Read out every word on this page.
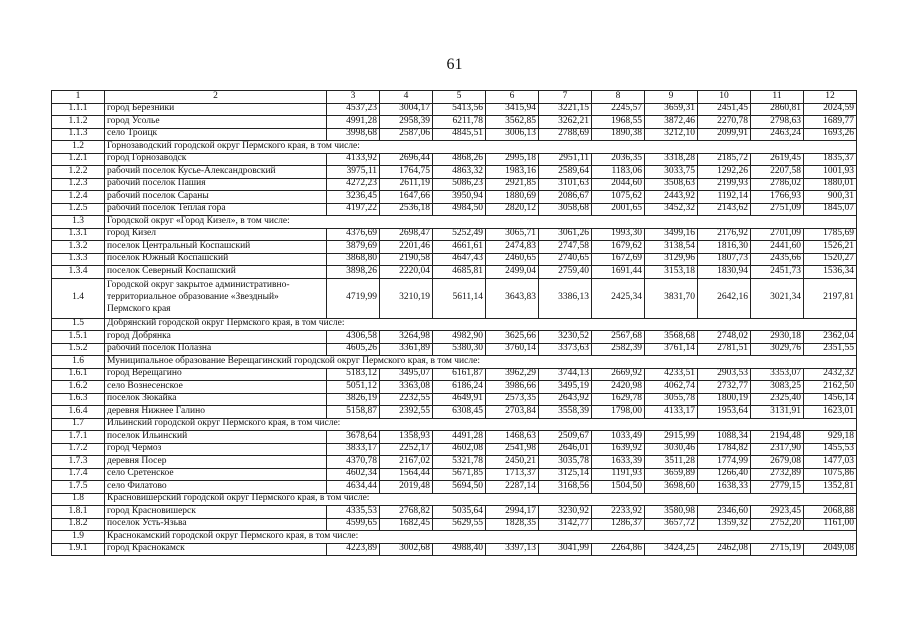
61
1	2	3	4	5	6	7	8	9	10	11	12
1.1.1	город Березники	4537,23	3004,17	5413,56	3415,94	3221,15	2245,57	3659,31	2451,45	2860,81	2024,59
1.1.2	город Усолье	4991,28	2958,39	6211,78	3562,85	3262,21	1968,55	3872,46	2270,78	2798,63	1689,77
1.1.3	село Троицк	3998,68	2587,06	4845,51	3006,13	2788,69	1890,38	3212,10	2099,91	2463,24	1693,26
1.2	Горнозаводский городской округ Пермского края, в том числе:										
1.2.1	город Горнозаводск	4133,92	2696,44	4868,26	2995,18	2951,11	2036,35	3318,28	2185,72	2619,45	1835,37
1.2.2	рабочий поселок Кусье-Александровский	3975,11	1764,75	4863,32	1983,16	2589,64	1183,06	3033,75	1292,26	2207,58	1001,93
1.2.3	рабочий поселок Пашия	4272,23	2611,19	5086,23	2921,85	3101,63	2044,60	3508,63	2199,93	2786,02	1880,01
1.2.4	рабочий поселок Сараны	3236,45	1647,66	3950,94	1880,69	2086,67	1075,62	2443,92	1192,14	1766,93	900,31
1.2.5	рабочий поселок Теплая гора	4197,22	2536,18	4984,50	2820,12	3058,68	2001,65	3452,32	2143,62	2751,09	1845,07
1.3	Городской округ «Город Кизел», в том числе:										
1.3.1	город Кизел	4376,69	2698,47	5252,49	3065,71	3061,26	1993,30	3499,16	2176,92	2701,09	1785,69
1.3.2	поселок Центральный Коспашский	3879,69	2201,46	4661,61	2474,83	2747,58	1679,62	3138,54	1816,30	2441,60	1526,21
1.3.3	поселок Южный Коспашский	3868,80	2190,58	4647,43	2460,65	2740,65	1672,69	3129,96	1807,73	2435,66	1520,27
1.3.4	поселок Северный Коспашский	3898,26	2220,04	4685,81	2499,04	2759,40	1691,44	3153,18	1830,94	2451,73	1536,34
1.4	Городской округ закрытое административно-территориальное образование «Звездный» Пермского края	4719,99	3210,19	5611,14	3643,83	3386,13	2425,34	3831,70	2642,16	3021,34	2197,81
1.5	Добрянский городской округ Пермского края, в том числе:										
1.5.1	город Добрянка	4306,58	3264,98	4982,90	3625,66	3230,52	2567,68	3568,68	2748,02	2930,18	2362,04
1.5.2	рабочий поселок Полазна	4605,26	3361,89	5380,30	3760,14	3373,63	2582,39	3761,14	2781,51	3029,76	2351,55
1.6	Муниципальное образование Верещагинский городской округ Пермского края, в том числе:										
1.6.1	город Верещагино	5183,12	3495,07	6161,87	3962,29	3744,13	2669,92	4233,51	2903,53	3353,07	2432,32
1.6.2	село Вознесенское	5051,12	3363,08	6186,24	3986,66	3495,19	2420,98	4062,74	2732,77	3083,25	2162,50
1.6.3	поселок Зюкайка	3826,19	2232,55	4649,91	2573,35	2643,92	1629,78	3055,78	1800,19	2325,40	1456,14
1.6.4	деревня Нижнее Галино	5158,87	2392,55	6308,45	2703,84	3558,39	1798,00	4133,17	1953,64	3131,91	1623,01
1.7	Ильинский городской округ Пермского края, в том числе:										
1.7.1	поселок Ильинский	3678,64	1358,93	4491,28	1468,63	2509,67	1033,49	2915,99	1088,34	2194,48	929,18
1.7.2	город Чермоз	3833,17	2252,17	4602,08	2541,98	2646,01	1639,92	3030,46	1784,82	2317,90	1455,53
1.7.3	деревня Посер	4370,78	2167,02	5321,78	2450,21	3035,78	1633,39	3511,28	1774,99	2679,08	1477,03
1.7.4	село Сретенское	4602,34	1564,44	5671,85	1713,37	3125,14	1191,93	3659,89	1266,40	2732,89	1075,86
1.7.5	село Филатово	4634,44	2019,48	5694,50	2287,14	3168,56	1504,50	3698,60	1638,33	2779,15	1352,81
1.8	Красновишерский городской округ Пермского края, в том числе:										
1.8.1	город Красновишерск	4335,53	2768,82	5035,64	2994,17	3230,92	2233,92	3580,98	2346,60	2923,45	2068,88
1.8.2	поселок Усть-Язьва	4599,65	1682,45	5629,55	1828,35	3142,77	1286,37	3657,72	1359,32	2752,20	1161,00
1.9	Краснокамский городской округ Пермского края, в том числе:										
1.9.1	город Краснокамск	4223,89	3002,68	4988,40	3397,13	3041,99	2264,86	3424,25	2462,08	2715,19	2049,08
